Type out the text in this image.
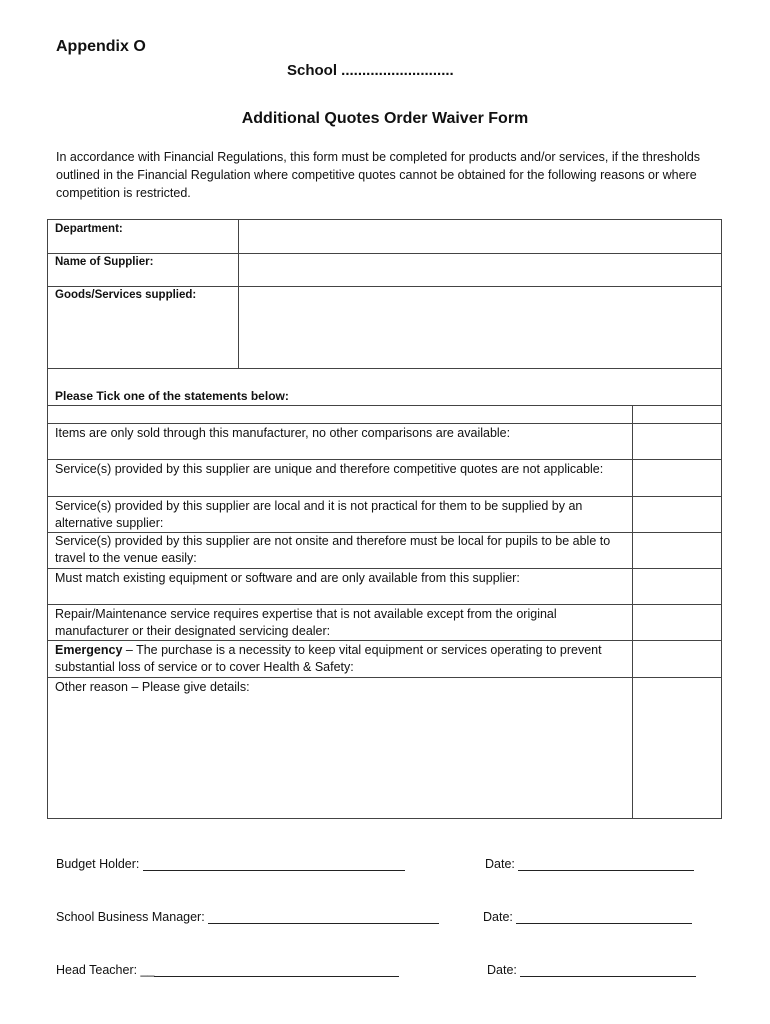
Appendix O
School ...........................
Additional Quotes Order Waiver Form
In accordance with Financial Regulations, this form must be completed for products and/or services, if the thresholds outlined in the Financial Regulation where competitive quotes cannot be obtained for the following reasons or where competition is restricted.
Department:
Name of Supplier:
Goods/Services supplied:
Please Tick one of the statements below:
Items are only sold through this manufacturer, no other comparisons are available:
Service(s) provided by this supplier are unique and therefore competitive quotes are not applicable:
Service(s) provided by this supplier are local and it is not practical for them to be supplied by an alternative supplier:
Service(s) provided by this supplier are not onsite and therefore must be local for pupils to be able to travel to the venue easily:
Must match existing equipment or software and are only available from this supplier:
Repair/Maintenance service requires expertise that is not available except from the original manufacturer or their designated servicing dealer:
Emergency – The purchase is a necessity to keep vital equipment or services operating to prevent substantial loss of service or to cover Health & Safety:
Other reason – Please give details:
Budget Holder:	Date:
School Business Manager:	Date:
Head Teacher: __	Date:
